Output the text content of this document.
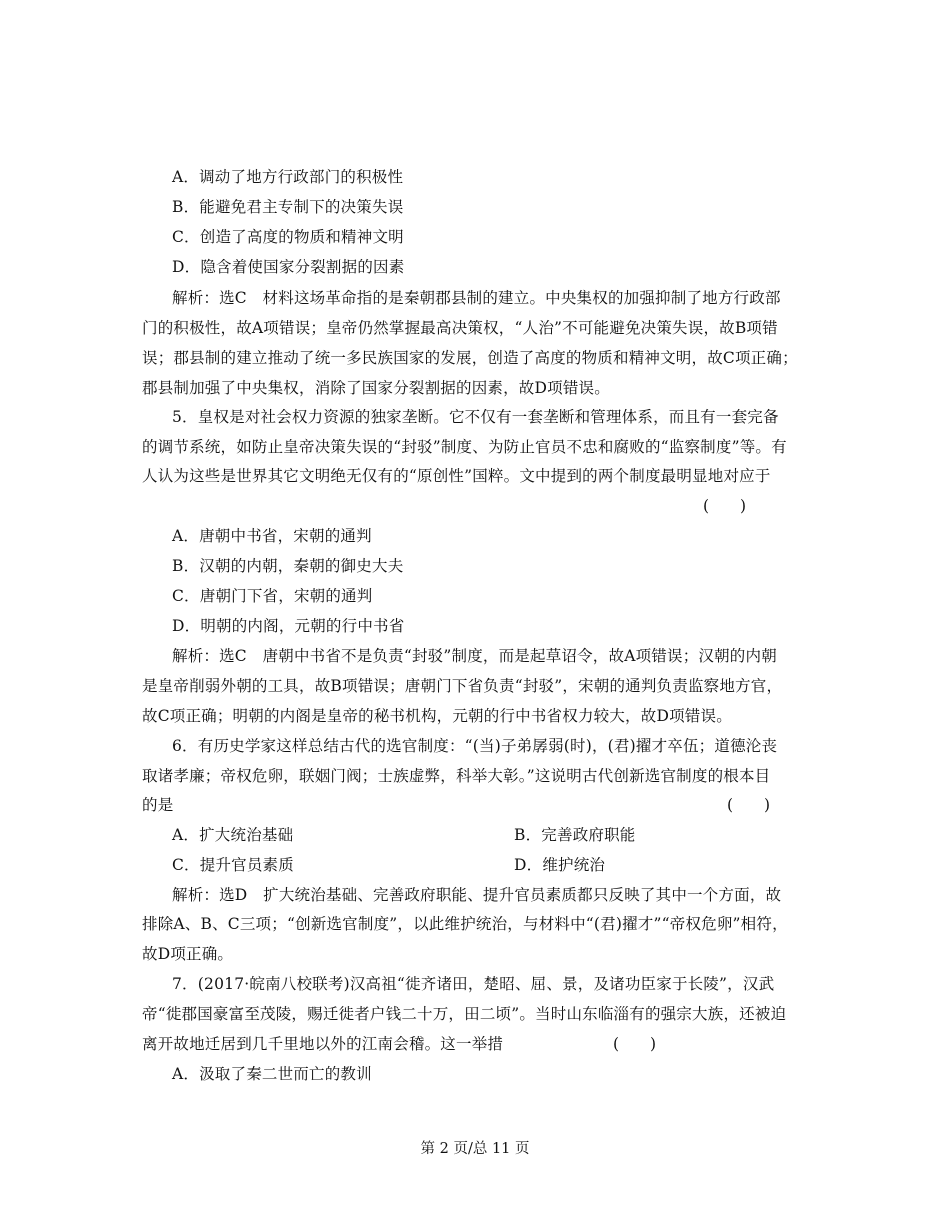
A．调动了地方行政部门的积极性
B．能避免君主专制下的决策失误
C．创造了高度的物质和精神文明
D．隐含着使国家分裂割据的因素
解析：选C　材料这场革命指的是秦朝郡县制的建立。中央集权的加强抑制了地方行政部
门的积极性，故A项错误；皇帝仍然掌握最高决策权，“人治”不可能避免决策失误，故B项错
误；郡县制的建立推动了统一多民族国家的发展，创造了高度的物质和精神文明，故C项正确；
郡县制加强了中央集权，消除了国家分裂割据的因素，故D项错误。
5．皇权是对社会权力资源的独家垄断。它不仅有一套垄断和管理体系，而且有一套完备
的调节系统，如防止皇帝决策失误的“封驳”制度、为防止官员不忠和腐败的“监察制度”等。有
人认为这些是世界其它文明绝无仅有的“原创性”国粹。文中提到的两个制度最明显地对应于
(　　)
A．唐朝中书省，宋朝的通判
B．汉朝的内朝，秦朝的御史大夫
C．唐朝门下省，宋朝的通判
D．明朝的内阁，元朝的行中书省
解析：选C　唐朝中书省不是负责“封驳”制度，而是起草诏令，故A项错误；汉朝的内朝
是皇帝削弱外朝的工具，故B项错误；唐朝门下省负责“封驳”，宋朝的通判负责监察地方官，
故C项正确；明朝的内阁是皇帝的秘书机构，元朝的行中书省权力较大，故D项错误。
6．有历史学家这样总结古代的选官制度：“(当)子弟孱弱(时)，(君)擢才卒伍；道德沦丧
取诸孝廉；帝权危卵，联姻门阀；士族虚弊，科举大彰。”这说明古代创新选官制度的根本目
的是	(　　)
A．扩大统治基础	B．完善政府职能
C．提升官员素质	D．维护统治
解析：选D　扩大统治基础、完善政府职能、提升官员素质都只反映了其中一个方面，故
排除A、B、C三项；“创新选官制度”，以此维护统治，与材料中“(君)擢才”“帝权危卵”相符，
故D项正确。
7．(2017·皖南八校联考)汉高祖“徙齐诸田，楚昭、屈、景，及诸功臣家于长陵”，汉武
帝“徙郡国豪富至茂陵，赐迁徙者户钱二十万，田二顷”。当时山东临淄有的强宗大族，还被迫
离开故地迁居到几千里地以外的江南会稽。这一举措	(　　)
A．汲取了秦二世而亡的教训
第 2 页/总 11 页
